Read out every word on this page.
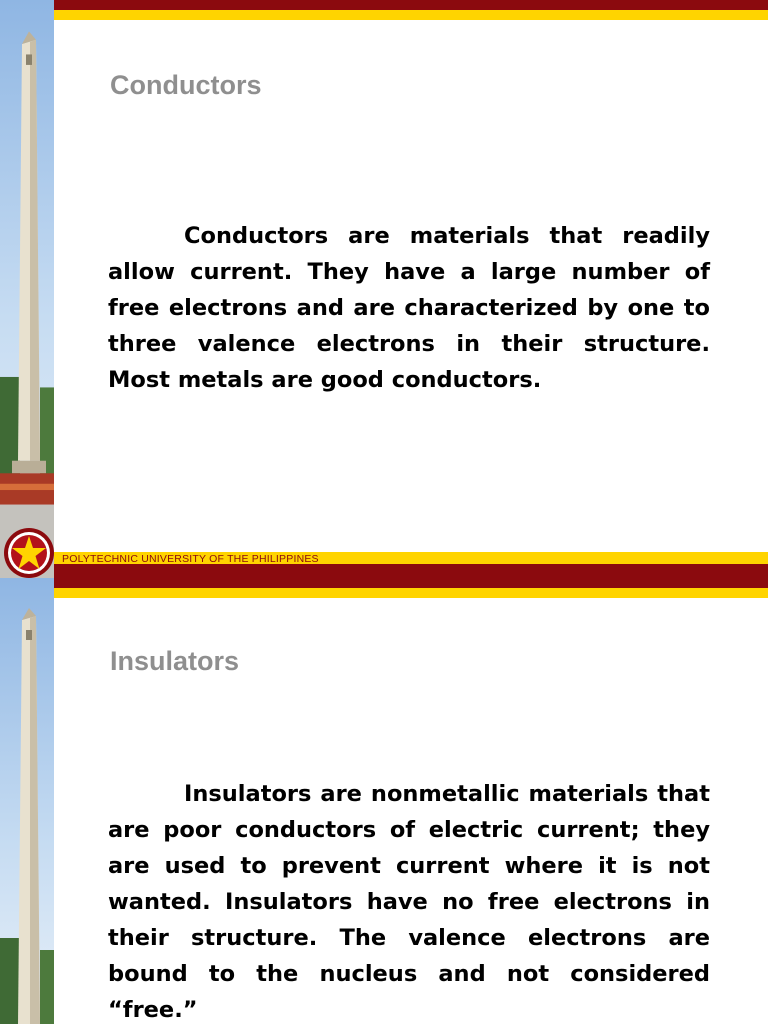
Conductors

Conductors are materials that readily allow current. They have a large number of free electrons and are characterized by one to three valence electrons in their structure. Most metals are good conductors.

POLYTECHNIC UNIVERSITY OF THE PHILIPPINES
Insulators

Insulators are nonmetallic materials that are poor conductors of electric current; they are used to prevent current where it is not wanted. Insulators have no free electrons in their structure. The valence electrons are bound to the nucleus and not considered “free.”
